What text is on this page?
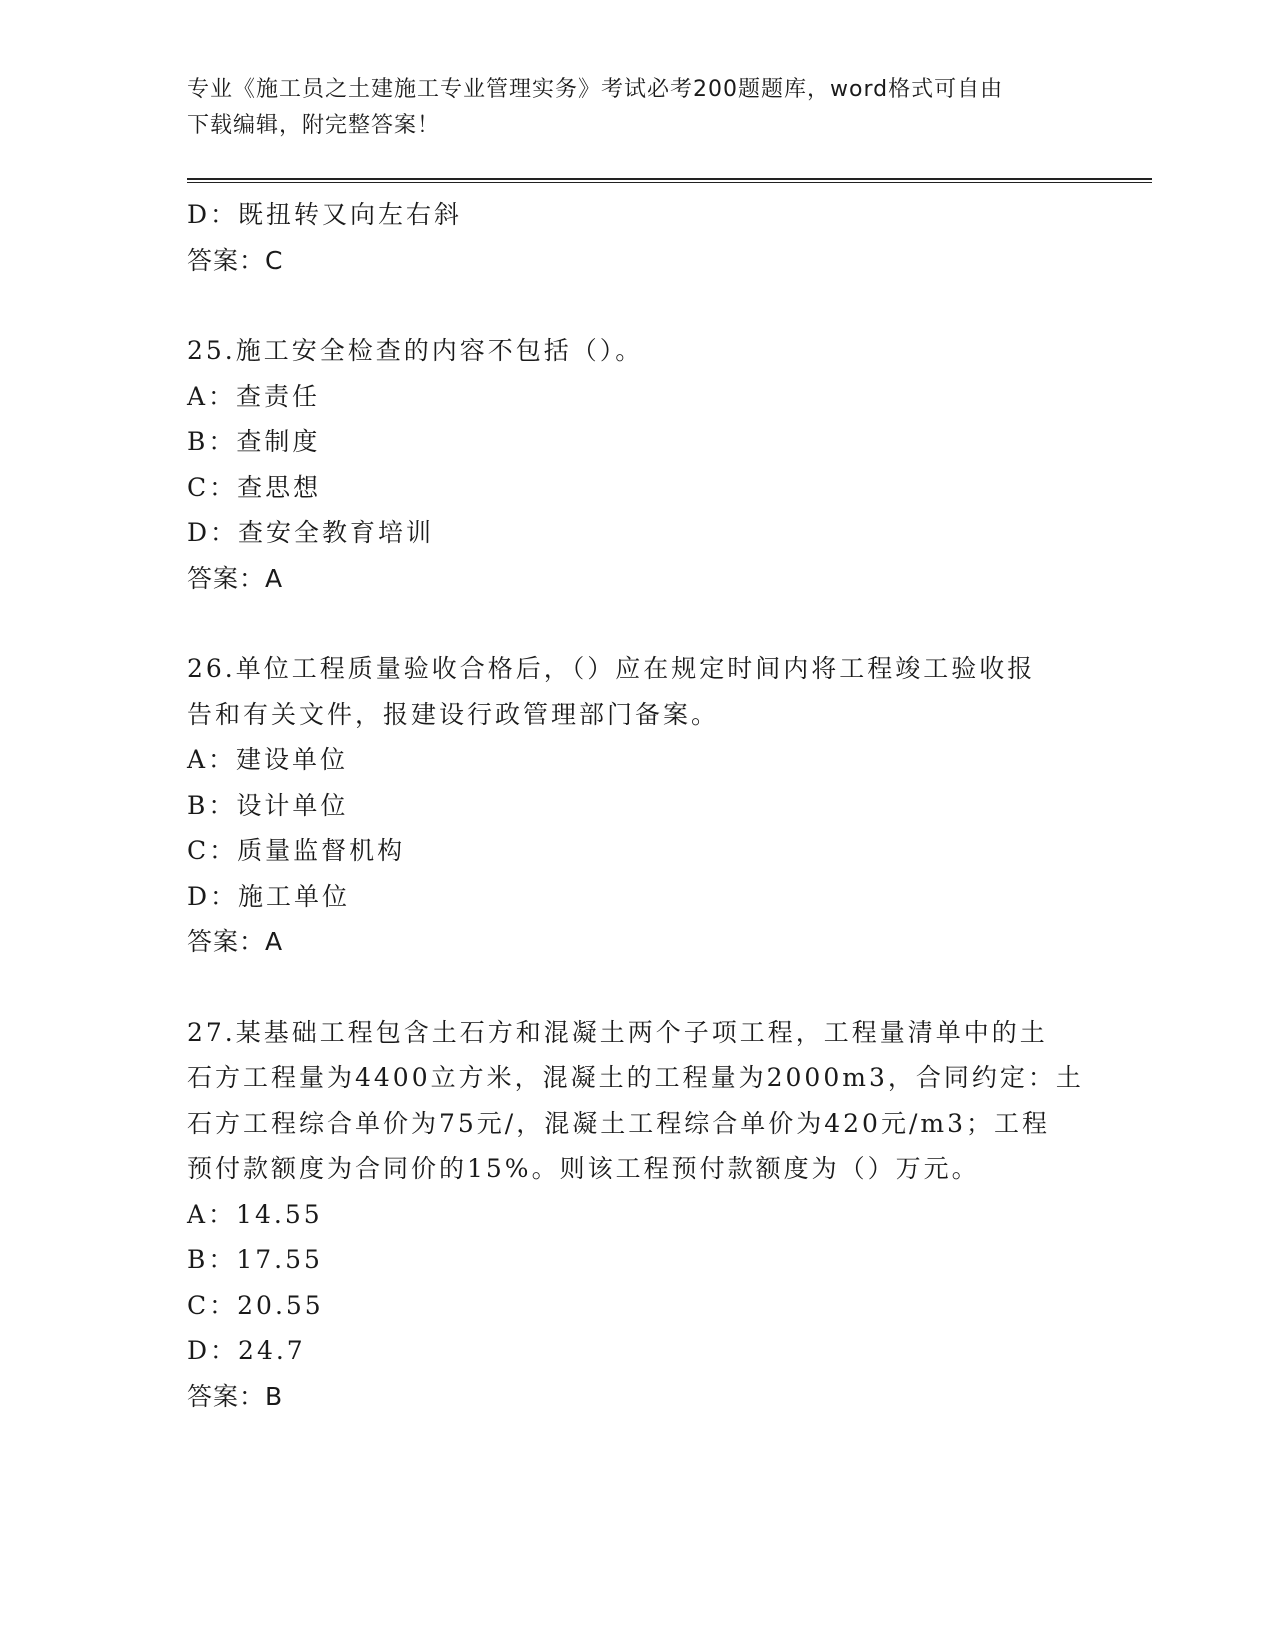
专业《施工员之土建施工专业管理实务》考试必考200题题库，word格式可自由
下载编辑，附完整答案！
D：既扭转又向左右斜
答案：C
25.施工安全检查的内容不包括（）。
A：查责任
B：查制度
C：查思想
D：查安全教育培训
答案：A
26.单位工程质量验收合格后，（）应在规定时间内将工程竣工验收报
告和有关文件，报建设行政管理部门备案。
A：建设单位
B：设计单位
C：质量监督机构
D：施工单位
答案：A
27.某基础工程包含土石方和混凝土两个子项工程，工程量清单中的土
石方工程量为4400立方米，混凝土的工程量为2000m3，合同约定：土
石方工程综合单价为75元/，混凝土工程综合单价为420元/m3；工程
预付款额度为合同价的15%。则该工程预付款额度为（）万元。
A：14.55
B：17.55
C：20.55
D：24.7
答案：B
